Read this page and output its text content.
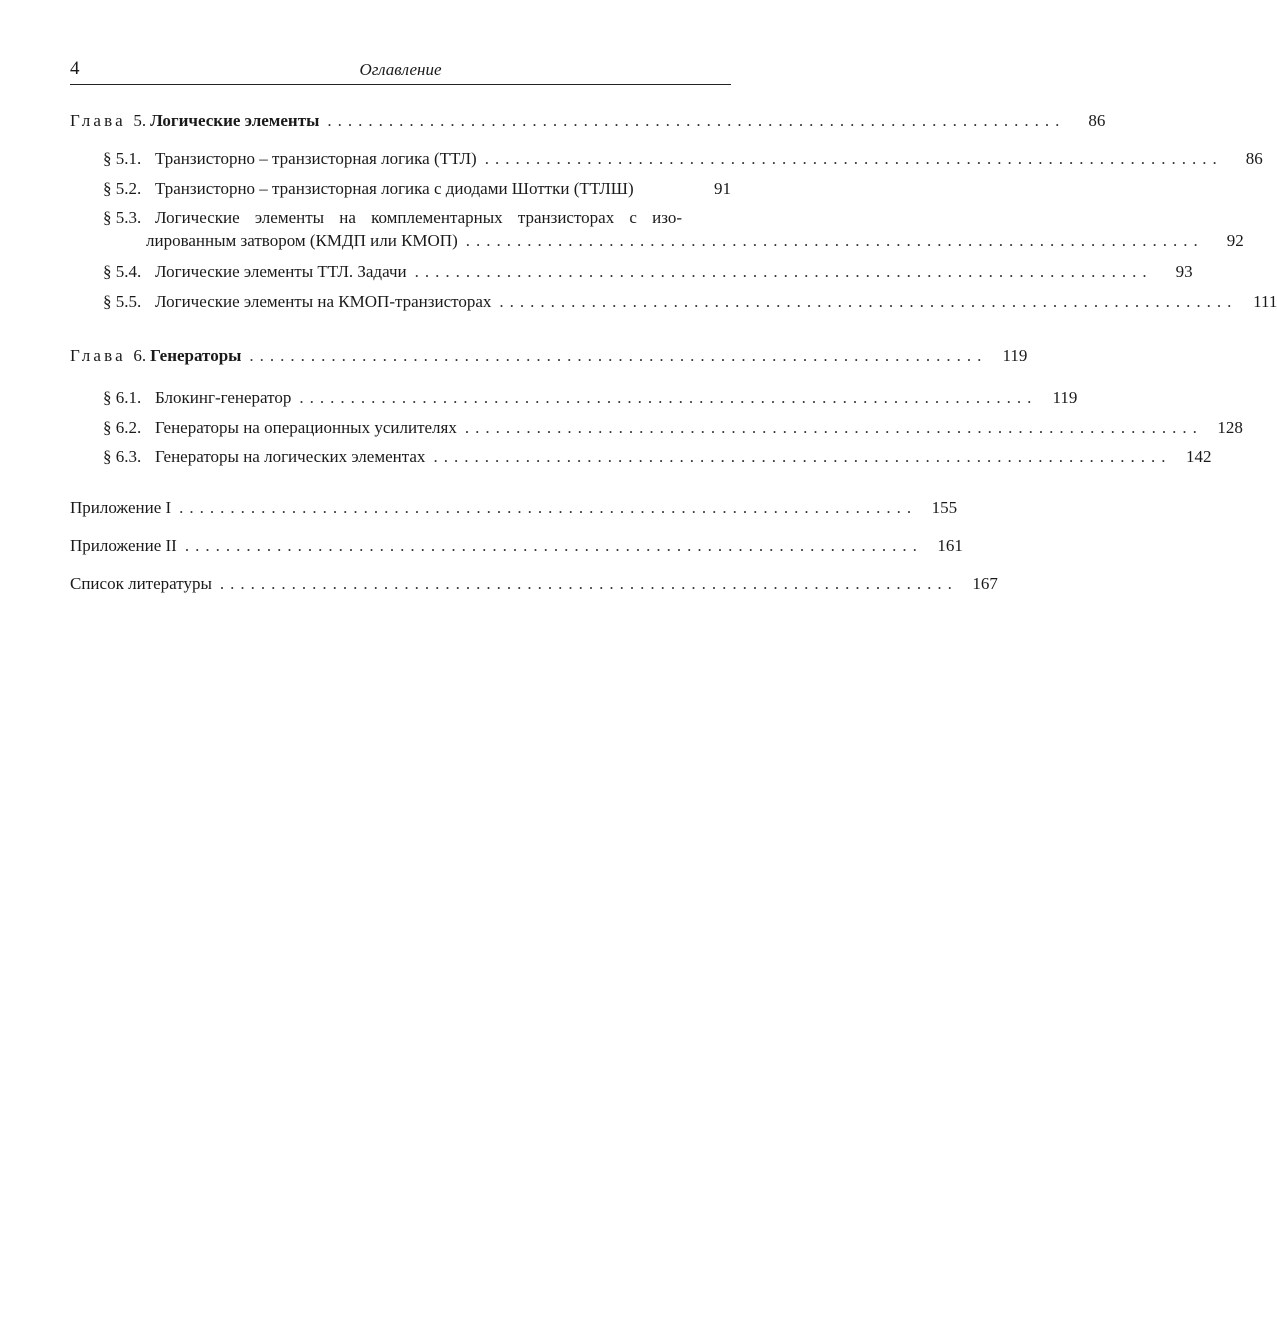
4	Оглавление
Глава 5. Логические элементы ........................................................................	86
§ 5.1. Транзисторно – транзисторная логика (ТТЛ) ........................................................................	86
§ 5.2. Транзисторно – транзисторная логика с диодами Шоттки (ТТЛШ)	91
§ 5.3. Логические элементы на комплементарных транзисторах с изо-
лированным затвором (КМДП или КМОП) ........................................................................	92
§ 5.4. Логические элементы ТТЛ. Задачи ........................................................................	93
§ 5.5. Логические элементы на КМОП-транзисторах ........................................................................ 111
Глава 6. Генераторы ........................................................................ 119
§ 6.1. Блокинг-генератор ........................................................................ 119
§ 6.2. Генераторы на операционных усилителях ........................................................................ 128
§ 6.3. Генераторы на логических элементах ........................................................................ 142
Приложение I ........................................................................ 155
Приложение II ........................................................................ 161
Список литературы ........................................................................ 167
